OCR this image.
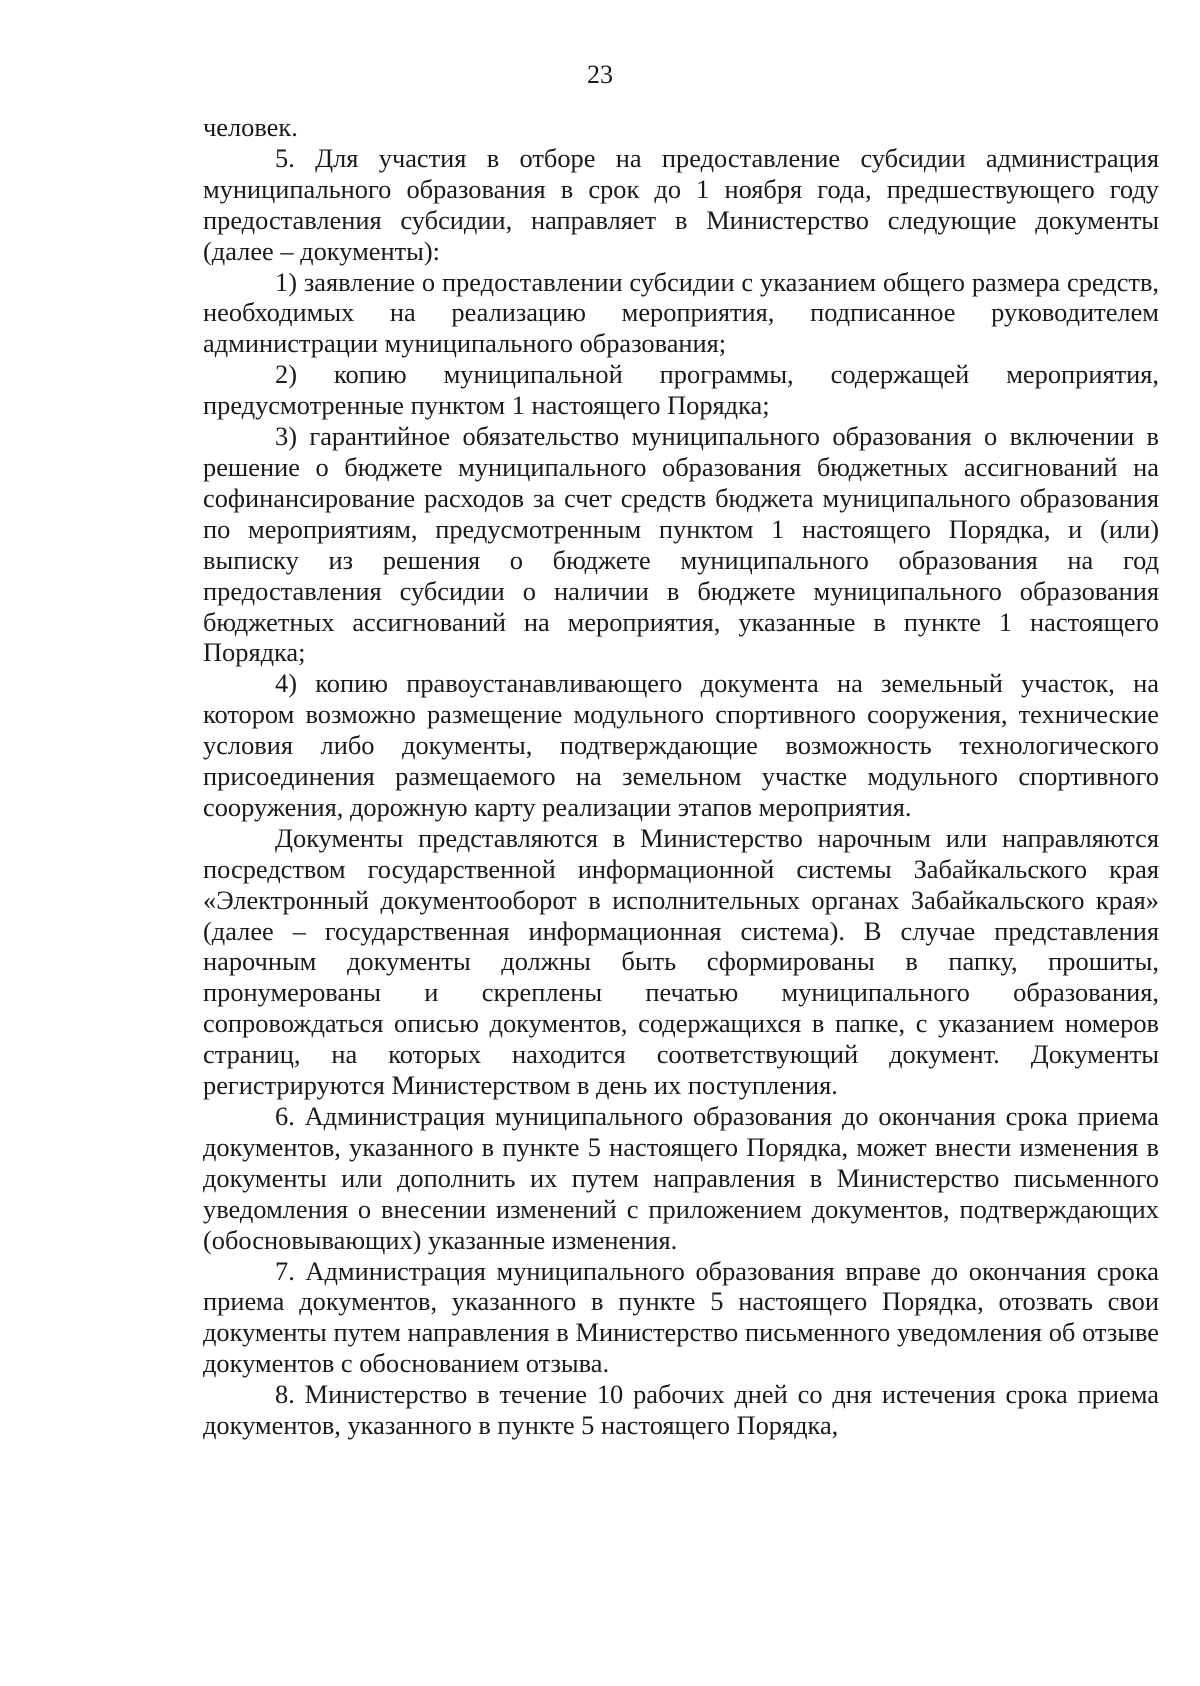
23

человек.

5. Для участия в отборе на предоставление субсидии администрация муниципального образования в срок до 1 ноября года, предшествующего году предоставления субсидии, направляет в Министерство следующие документы (далее – документы):

1) заявление о предоставлении субсидии с указанием общего размера средств, необходимых на реализацию мероприятия, подписанное руководителем администрации муниципального образования;

2) копию муниципальной программы, содержащей мероприятия, предусмотренные пунктом 1 настоящего Порядка;

3) гарантийное обязательство муниципального образования о включении в решение о бюджете муниципального образования бюджетных ассигнований на софинансирование расходов за счет средств бюджета муниципального образования по мероприятиям, предусмотренным пунктом 1 настоящего Порядка, и (или) выписку из решения о бюджете муниципального образования на год предоставления субсидии о наличии в бюджете муниципального образования бюджетных ассигнований на мероприятия, указанные в пункте 1 настоящего Порядка;

4) копию правоустанавливающего документа на земельный участок, на котором возможно размещение модульного спортивного сооружения, технические условия либо документы, подтверждающие возможность технологического присоединения размещаемого на земельном участке модульного спортивного сооружения, дорожную карту реализации этапов мероприятия.

Документы представляются в Министерство нарочным или направляются посредством государственной информационной системы Забайкальского края «Электронный документооборот в исполнительных органах Забайкальского края» (далее – государственная информационная система). В случае представления нарочным документы должны быть сформированы в папку, прошиты, пронумерованы и скреплены печатью муниципального образования, сопровождаться описью документов, содержащихся в папке, с указанием номеров страниц, на которых находится соответствующий документ. Документы регистрируются Министерством в день их поступления.

6. Администрация муниципального образования до окончания срока приема документов, указанного в пункте 5 настоящего Порядка, может внести изменения в документы или дополнить их путем направления в Министерство письменного уведомления о внесении изменений с приложением документов, подтверждающих (обосновывающих) указанные изменения.

7. Администрация муниципального образования вправе до окончания срока приема документов, указанного в пункте 5 настоящего Порядка, отозвать свои документы путем направления в Министерство письменного уведомления об отзыве документов с обоснованием отзыва.

8. Министерство в течение 10 рабочих дней со дня истечения срока приема документов, указанного в пункте 5 настоящего Порядка,
